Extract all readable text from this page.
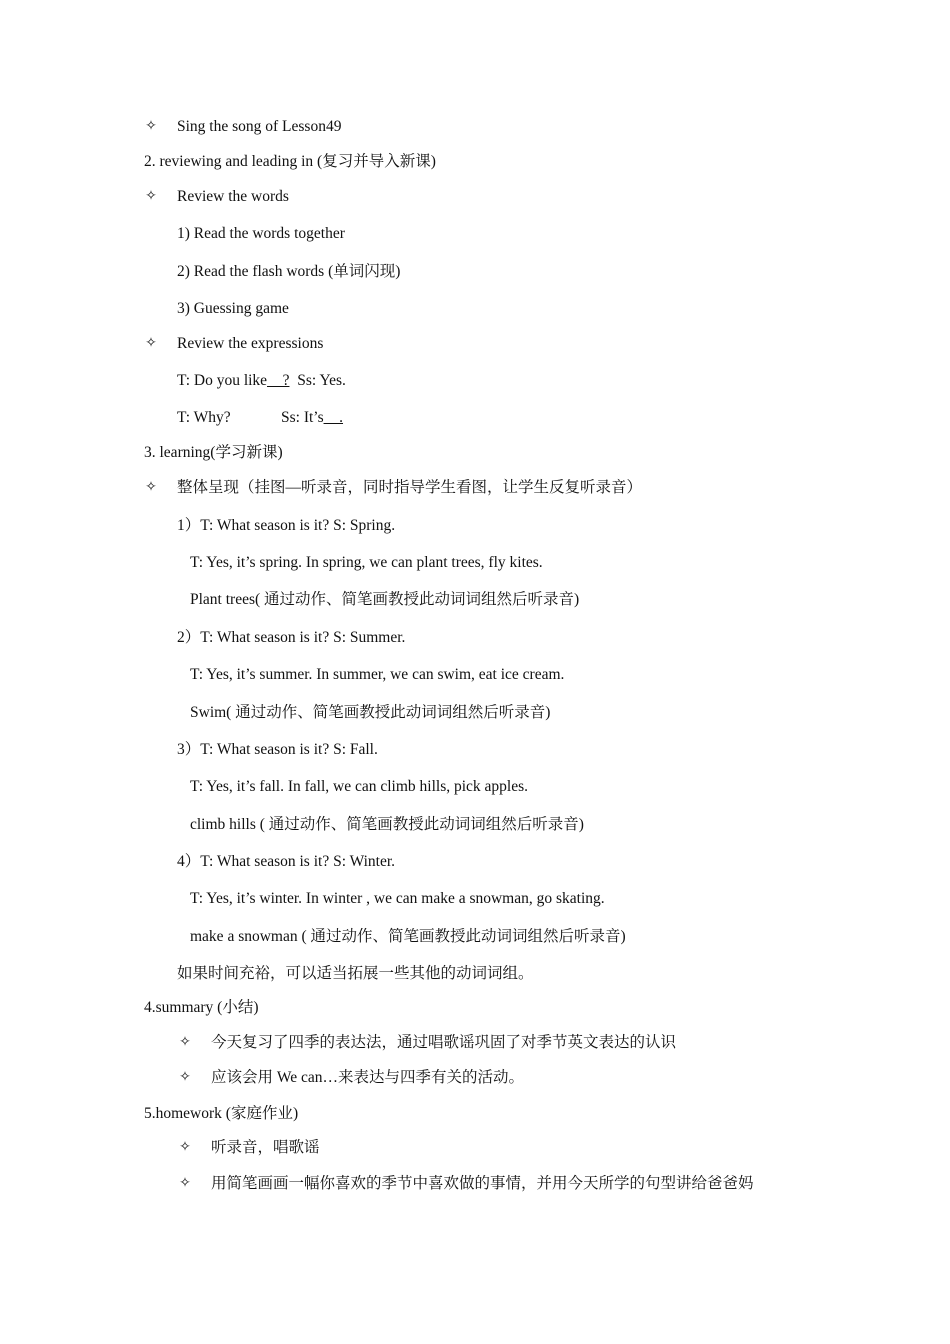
✧ Sing the song of Lesson49
2. reviewing and leading in (复习并导入新课)
✧ Review the words
1) Read the words together
2) Read the flash words (单词闪现)
3) Guessing game
✧ Review the expressions
T: Do you like__? Ss: Yes.
T: Why?	Ss: It’s__.
3. learning(学习新课)
✧ 整体呈现（挂图—听录音，同时指导学生看图，让学生反复听录音）
1）T: What season is it? S: Spring.
T: Yes, it’s spring. In spring, we can plant trees, fly kites.
Plant trees( 通过动作、简笔画教授此动词词组然后听录音)
2）T: What season is it? S: Summer.
T: Yes, it’s summer. In summer, we can swim, eat ice cream.
Swim( 通过动作、简笔画教授此动词词组然后听录音)
3）T: What season is it? S: Fall.
T: Yes, it’s fall. In fall, we can climb hills, pick apples.
climb hills ( 通过动作、简笔画教授此动词词组然后听录音)
4）T: What season is it? S: Winter.
T: Yes, it’s winter. In winter , we can make a snowman, go skating.
make a snowman ( 通过动作、简笔画教授此动词词组然后听录音)
如果时间充裕，可以适当拓展一些其他的动词词组。
4.summary (小结)
✧ 今天复习了四季的表达法，通过唱歌谣巩固了对季节英文表达的认识
✧ 应该会用 We can…来表达与四季有关的活动。
5.homework (家庭作业)
✧ 听录音，唱歌谣
✧ 用简笔画画一幅你喜欢的季节中喜欢做的事情，并用今天所学的句型讲给爸爸妈
